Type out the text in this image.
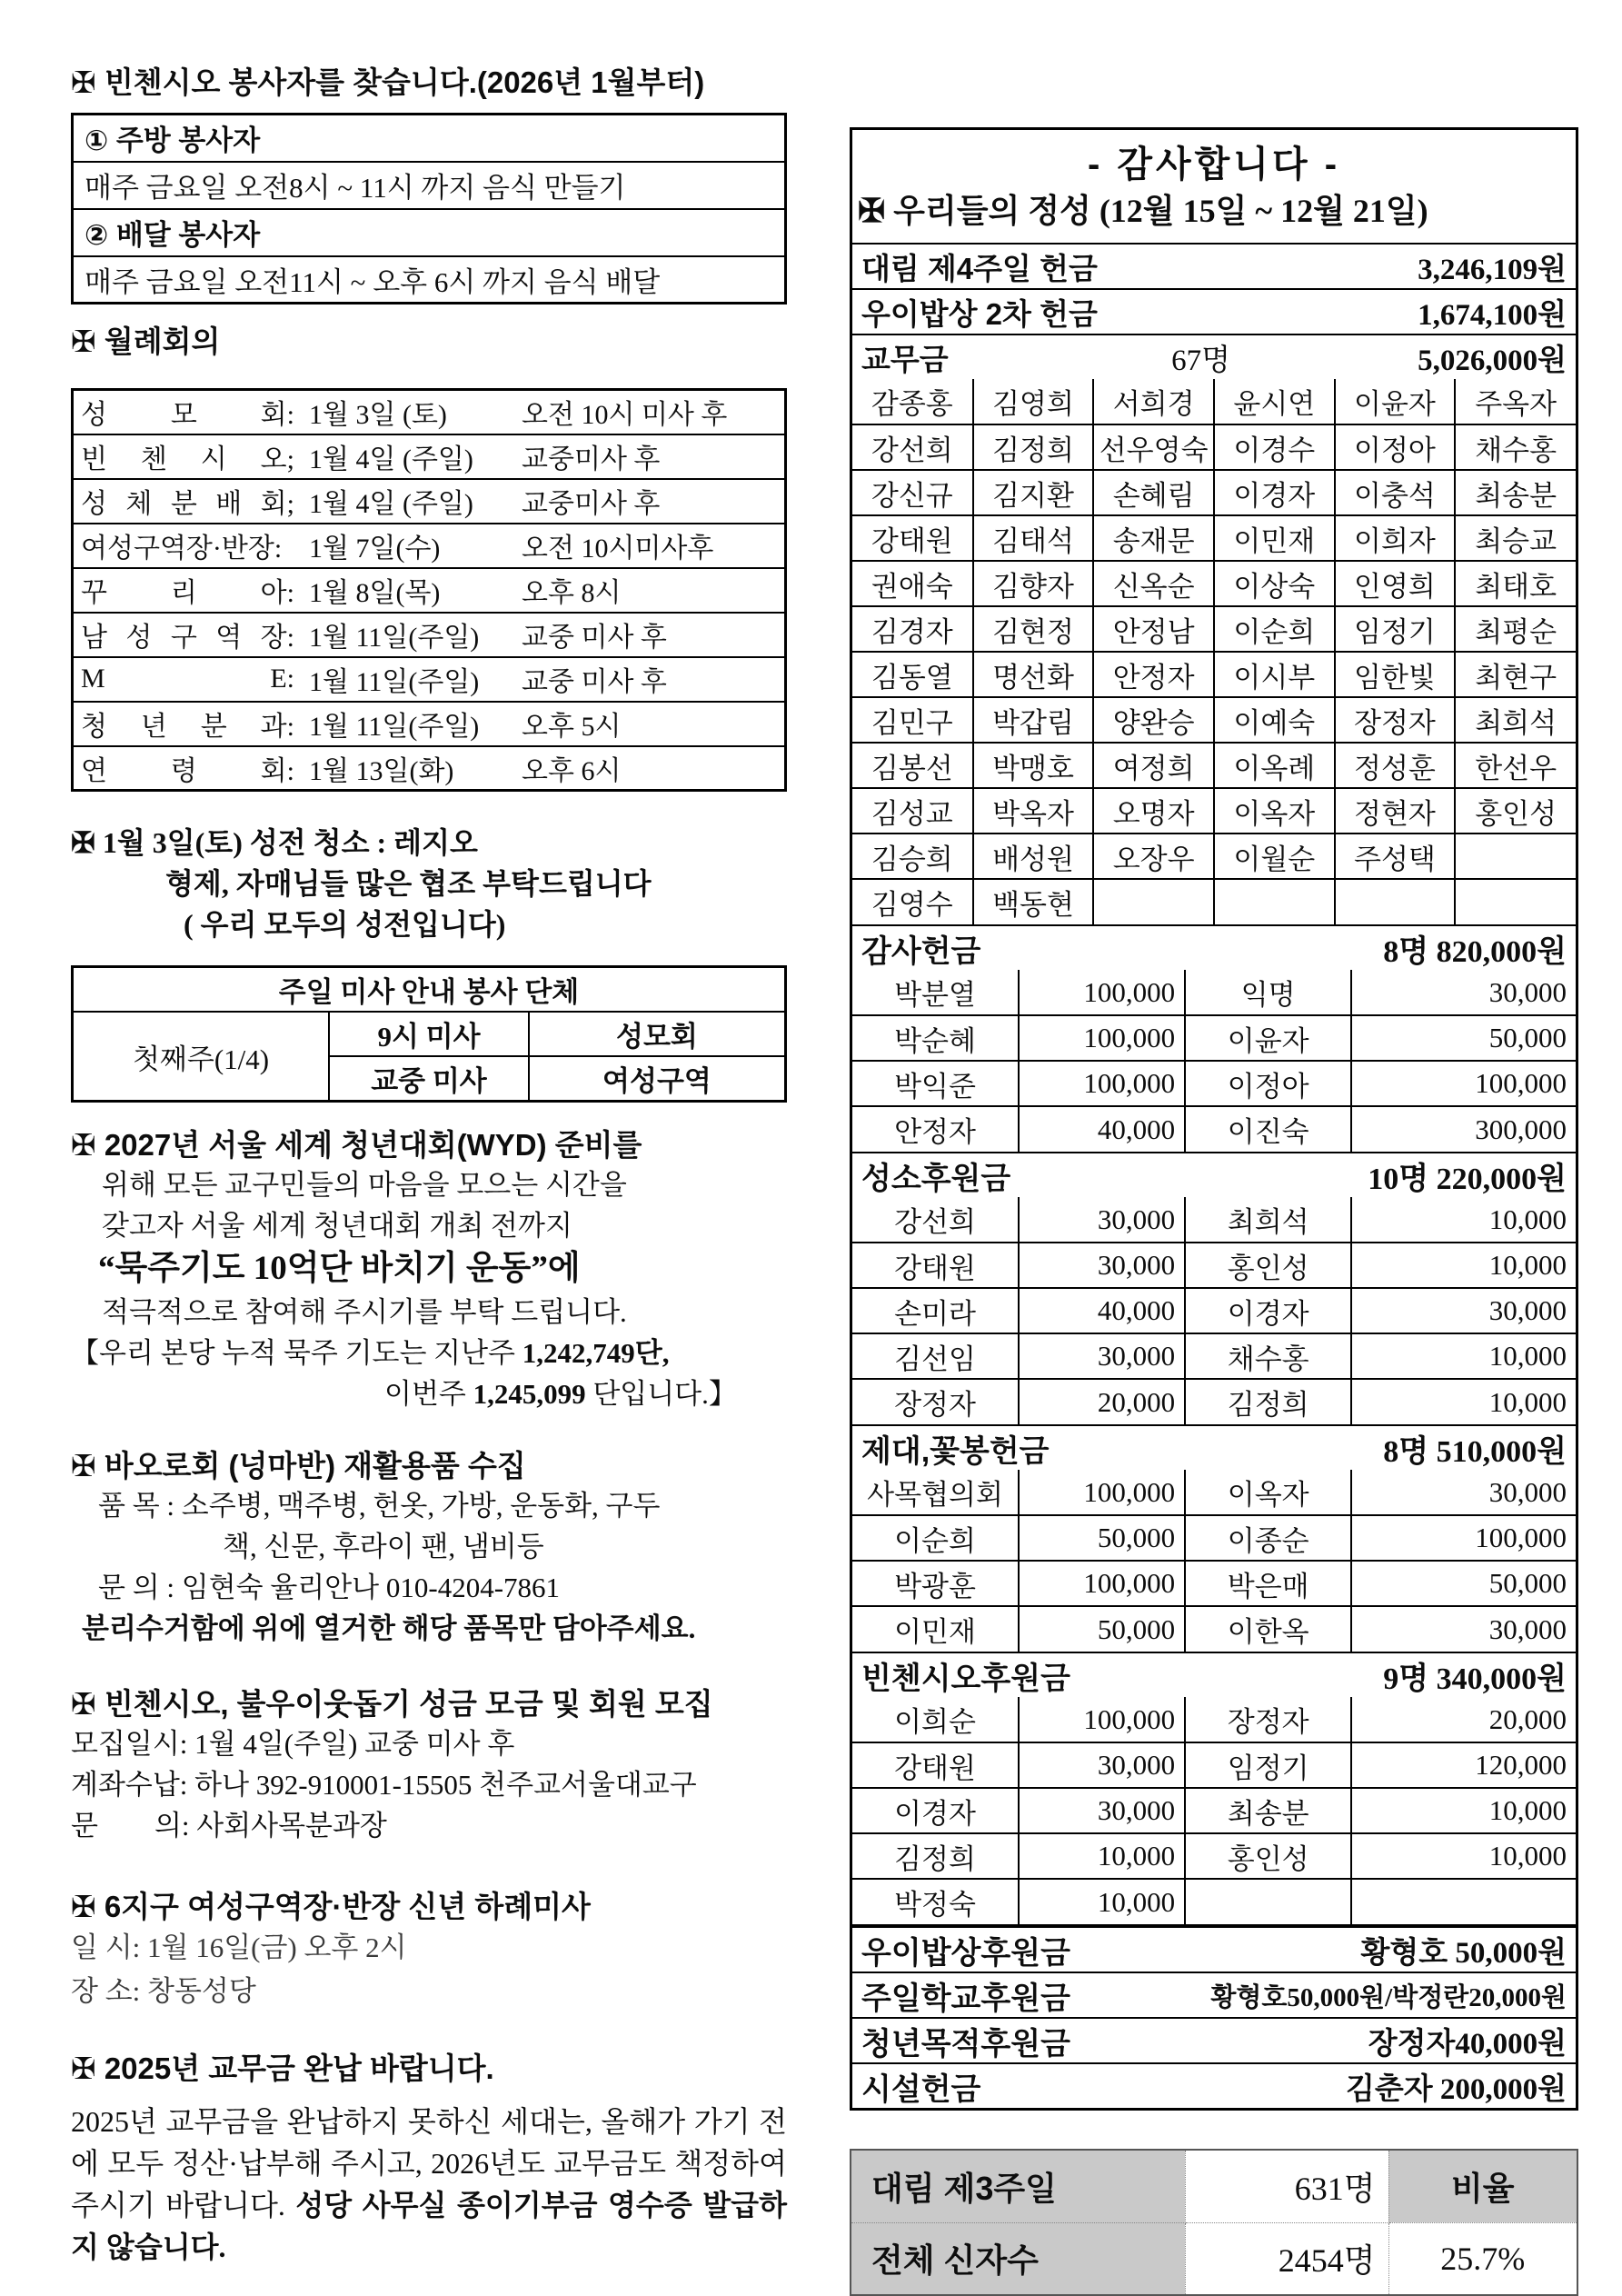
✠ 빈첸시오 봉사자를 찾습니다.(2026년 1월부터)
① 주방 봉사자
매주 금요일 오전8시 ~ 11시 까지 음식 만들기
② 배달 봉사자
매주 금요일 오전11시 ~ 오후 6시 까지 음식 배달
✠ 월례회의
성 모 회: 1월 3일 (토)	오전 10시 미사 후
빈 첸 시 오; 1월 4일 (주일) 교중미사 후
성 체 분 배 회; 1월 4일 (주일) 교중미사 후
여성구역장·반장: 1월 7일(수)	오전 10시미사후
꾸 리 아: 1월 8일(목)	오후 8시
남 성 구 역 장: 1월 11일(주일) 교중 미사 후
M E: 1월 11일(주일) 교중 미사 후
청 년 분 과: 1월 11일(주일) 오후 5시
연 령 회: 1월 13일(화) 오후 6시
✠ 1월 3일(토) 성전 청소 : 레지오
형제, 자매님들 많은 협조 부탁드립니다
( 우리 모두의 성전입니다)
주일 미사 안내 봉사 단체		
첫째주(1/4)	9시 미사	성모회
	교중 미사	여성구역
✠ 2027년 서울 세계 청년대회(WYD) 준비를
위해 모든 교구민들의 마음을 모으는 시간을
갖고자 서울 세계 청년대회 개최 전까지
“묵주기도 10억단 바치기 운동”에
적극적으로 참여해 주시기를 부탁 드립니다.
【우리 본당 누적 묵주 기도는 지난주 1,242,749단,
이번주 1,245,099 단입니다.】
✠ 바오로회 (넝마반) 재활용품 수집
품 목 : 소주병, 맥주병, 헌옷, 가방, 운동화, 구두
책, 신문, 후라이 팬, 냄비등
문 의 : 임현숙 율리안나 010-4204-7861
분리수거함에 위에 열거한 해당 품목만 담아주세요.
✠ 빈첸시오, 불우이웃돕기 성금 모금 및 회원 모집
모집일시: 1월 4일(주일) 교중 미사 후
계좌수납: 하나 392-910001-15505 천주교서울대교구
문　　의: 사회사목분과장
✠ 6지구 여성구역장·반장 신년 하례미사
일 시: 1월 16일(금) 오후 2시
장 소: 창동성당
✠ 2025년 교무금 완납 바랍니다.
2025년 교무금을 완납하지 못하신 세대는, 올해가 가기 전에 모두 정산·납부해 주시고, 2026년도 교무금도 책정하여 주시기 바랍니다. 성당 사무실 종이기부금 영수증 발급하지 않습니다.
- 감사합니다 -
✠ 우리들의 정성 (12월 15일 ~ 12월 21일)
대림 제4주일 헌금	3,246,109원
우이밥상 2차 헌금	1,674,100원
교무금	67명	5,026,000원
감종홍	김영희	서희경	윤시연	이윤자	주옥자
강선희	김정희	선우영숙	이경수	이정아	채수홍
강신규	김지환	손혜림	이경자	이충석	최송분
강태원	김태석	송재문	이민재	이희자	최승교
권애숙	김향자	신옥순	이상숙	인영희	최태호
김경자	김현정	안정남	이순희	임정기	최평순
김동열	명선화	안정자	이시부	임한빛	최현구
김민구	박갑림	양완승	이예숙	장정자	최희석
김봉선	박맹호	여정희	이옥례	정성훈	한선우
김성교	박옥자	오명자	이옥자	정현자	홍인성
김승희	배성원	오장우	이월순	주성택	
김영수	백동현				
감사헌금	8명 820,000원
박분열	100,000	익명	30,000
박순혜	100,000	이윤자	50,000
박익준	100,000	이정아	100,000
안정자	40,000	이진숙	300,000
성소후원금	10명 220,000원
강선희	30,000	최희석	10,000
강태원	30,000	홍인성	10,000
손미라	40,000	이경자	30,000
김선임	30,000	채수홍	10,000
장정자	20,000	김정희	10,000
제대,꽃봉헌금	8명 510,000원
사목협의회	100,000	이옥자	30,000
이순희	50,000	이종순	100,000
박광훈	100,000	박은매	50,000
이민재	50,000	이한옥	30,000
빈첸시오후원금	9명 340,000원
이희순	100,000	장정자	20,000
강태원	30,000	임정기	120,000
이경자	30,000	최송분	10,000
김정희	10,000	홍인성	10,000
박정숙	10,000		
우이밥상후원금	황형호 50,000원
주일학교후원금	황형호50,000원/박정란20,000원
청년목적후원금	장정자40,000원
시설헌금	김춘자 200,000원
대림 제3주일	631명	비율
전체 신자수	2454명	25.7%
